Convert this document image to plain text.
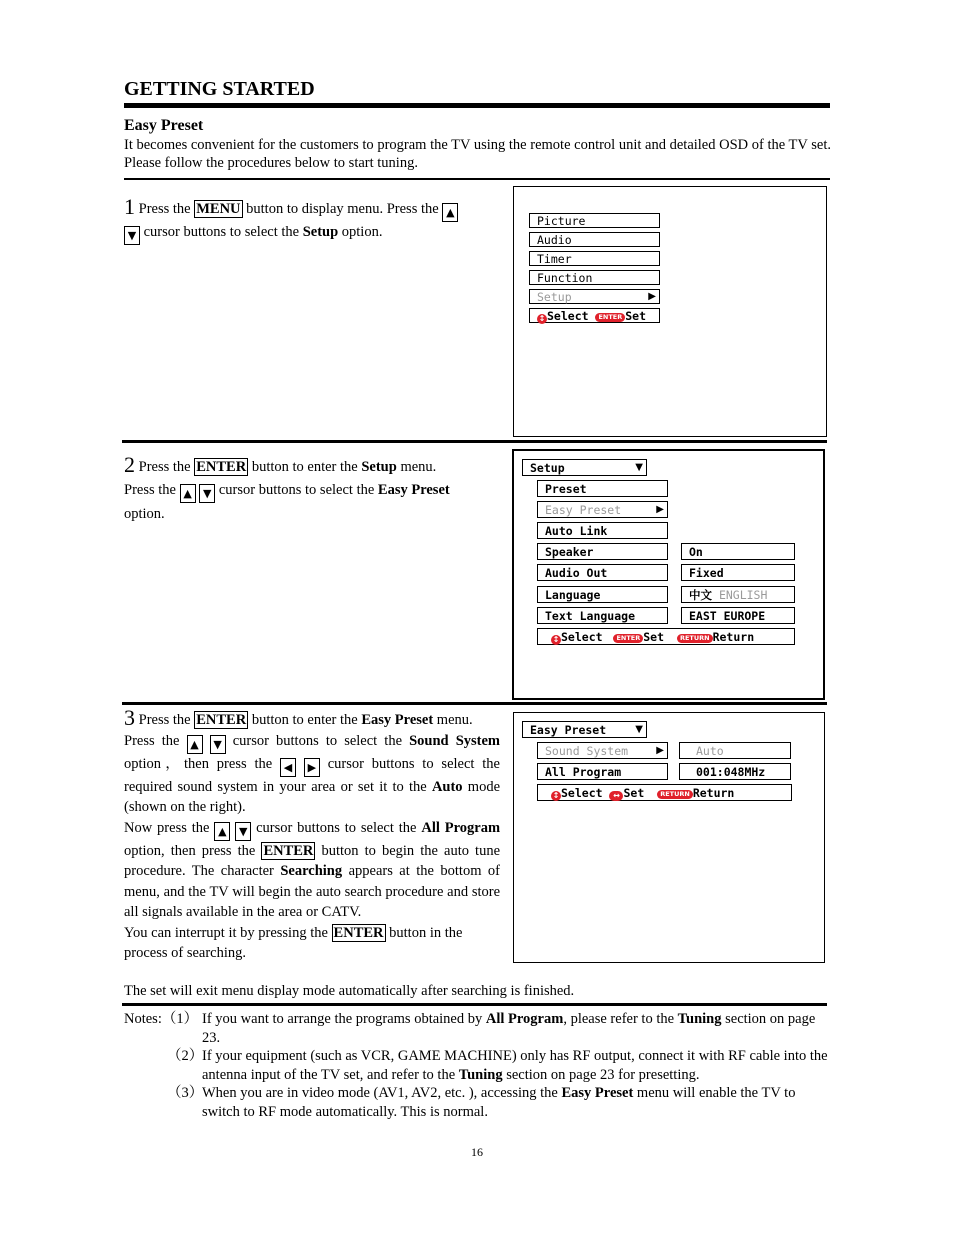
GETTING STARTED
Easy Preset
It becomes convenient for the customers to program the TV using the remote control unit and detailed OSD of the TV set. Please follow the procedures below to start tuning.

1 Press the MENU button to display menu. Press the ▲
▼ cursor buttons to select the Setup option.

Picture
Audio
Timer
Function
Setup	▶
↕ Select ENTER Set

2 Press the ENTER button to enter the Setup menu.

Press the ▲ ▼ cursor buttons to select the Easy Preset
option.

Setup	▼
Preset
Easy Preset	▶
Auto Link
Speaker	On
Audio Out	Fixed
Language	中文 ENGLISH
Text Language	EAST EUROPE
↕ Select ENTER Set RETURN Return

3 Press the ENTER button to enter the Easy Preset menu.

Press the ▲ ▼ cursor buttons to select the Sound System option，then press the ◀ ▶ cursor buttons to select the required sound system in your area or set it to the Auto mode (shown on the right).

Now press the ▲ ▼ cursor buttons to select the All Program option, then press the ENTER button to begin the auto tune procedure. The character Searching appears at the bottom of menu, and the TV will begin the auto search procedure and store all signals available in the area or CATV.

You can interrupt it by pressing the ENTER button in the process of searching.

Easy Preset	▼
Sound System	▶	Auto
All Program	001:048MHz
↕ Select ↔ Set RETURN Return
The set will exit menu display mode automatically after searching is finished.
Notes:（1） If you want to arrange the programs obtained by All Program, please refer to the Tuning section on page 23.
（2）
If your equipment (such as VCR, GAME MACHINE) only has RF output, connect it with RF cable into the antenna input of the TV set, and refer to the Tuning section on page 23 for presetting.
（3）
When you are in video mode (AV1, AV2, etc. ), accessing the Easy Preset menu will enable the TV to switch to RF mode automatically. This is normal.
16
